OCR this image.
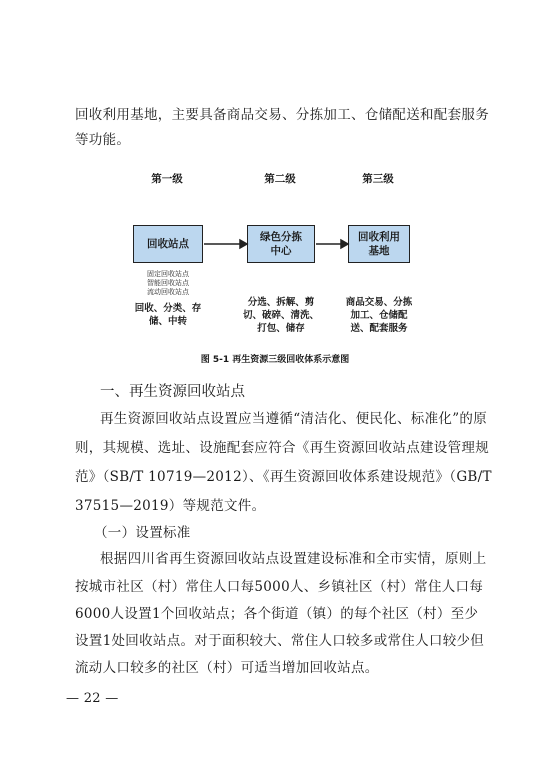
回收利用基地，主要具备商品交易、分拣加工、仓储配送和配套服务
等功能。
第一级	第二级	第三级
回收站点
绿色分拣
中心
回收利用
基地
固定回收站点
智能回收站点
流动回收站点
回收、分类、存
储、中转
分选、拆解、剪
切、破碎、清洗、
打包、储存
商品交易、分拣
加工、仓储配
送、配套服务
图 5-1 再生资源三级回收体系示意图
一、再生资源回收站点
再生资源回收站点设置应当遵循“清洁化、便民化、标准化”的原
则，其规模、选址、设施配套应符合《再生资源回收站点建设管理规
范》（SB/T 10719—2012）、《再生资源回收体系建设规范》（GB/T
37515—2019）等规范文件。
（一）设置标准
根据四川省再生资源回收站点设置建设标准和全市实情，原则上
按城市社区（村）常住人口每5000人、乡镇社区（村）常住人口每
6000人设置1个回收站点；各个街道（镇）的每个社区（村）至少
设置1处回收站点。对于面积较大、常住人口较多或常住人口较少但
流动人口较多的社区（村）可适当增加回收站点。
— 22 —
